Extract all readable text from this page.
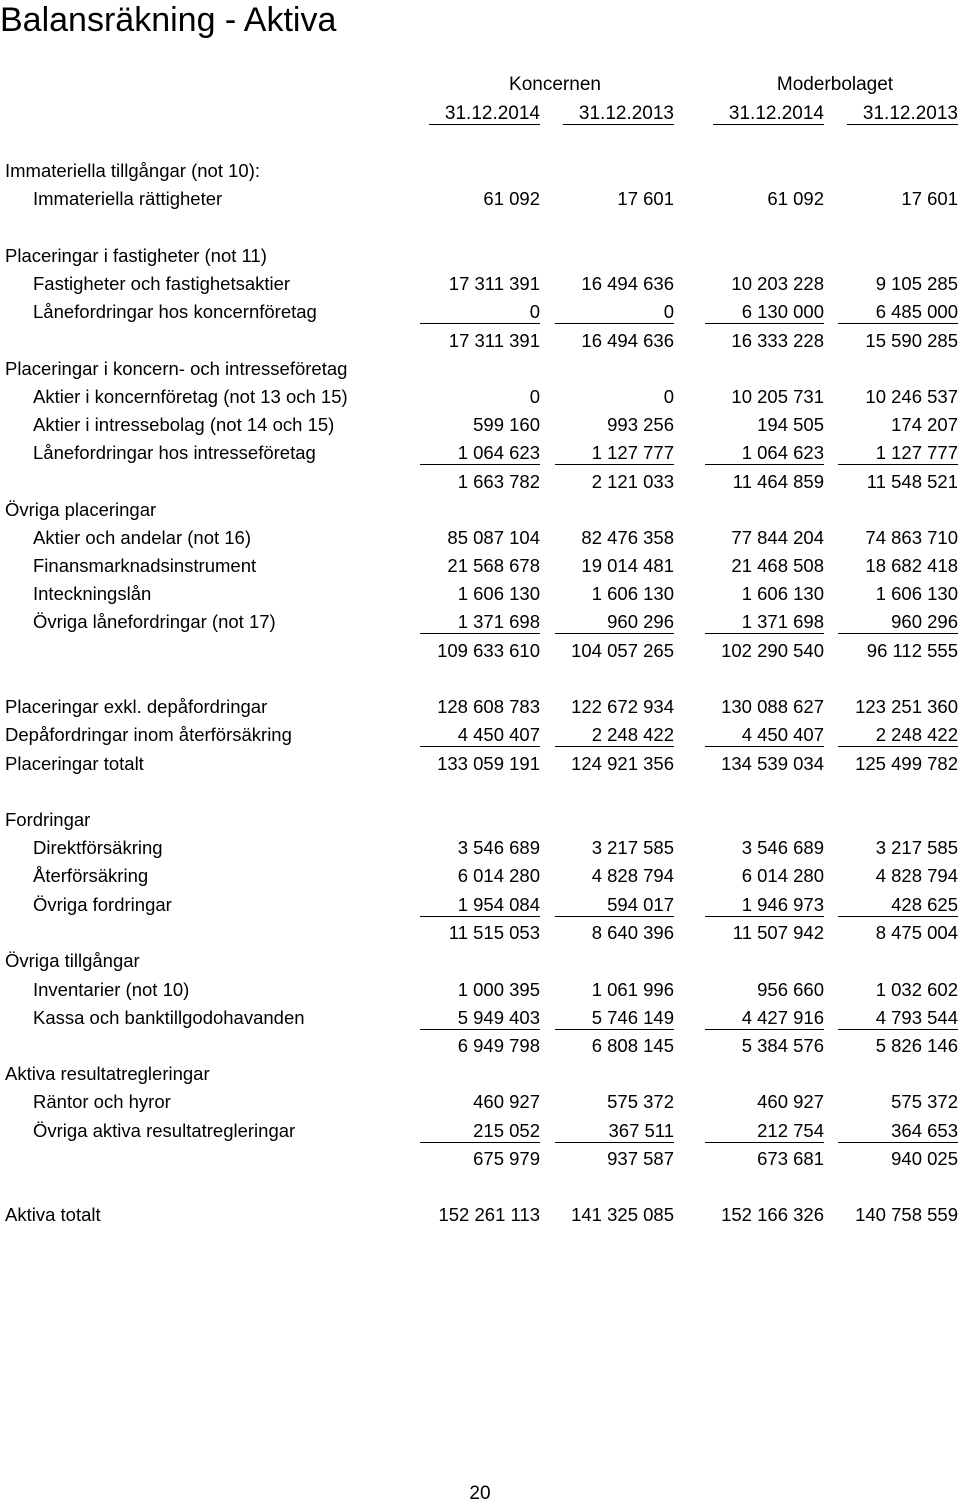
Balansräkning - Aktiva
Koncernen	Moderbolaget
31.12.2014	31.12.2013	31.12.2014	31.12.2013
Immateriella tillgångar (not 10):
Immateriella rättigheter	61 092	17 601	61 092	17 601
Placeringar i fastigheter (not 11)
Fastigheter och fastighetsaktier	17 311 391	16 494 636	10 203 228	9 105 285
Lånefordringar hos koncernföretag	0	0	6 130 000	6 485 000
17 311 391	16 494 636	16 333 228	15 590 285
Placeringar i koncern- och intresseföretag
Aktier i koncernföretag (not 13 och 15)	0	0	10 205 731	10 246 537
Aktier i intressebolag (not 14 och 15)	599 160	993 256	194 505	174 207
Lånefordringar hos intresseföretag	1 064 623	1 127 777	1 064 623	1 127 777
1 663 782	2 121 033	11 464 859	11 548 521
Övriga placeringar
Aktier och andelar (not 16)	85 087 104	82 476 358	77 844 204	74 863 710
Finansmarknadsinstrument	21 568 678	19 014 481	21 468 508	18 682 418
Inteckningslån	1 606 130	1 606 130	1 606 130	1 606 130
Övriga lånefordringar (not 17)	1 371 698	960 296	1 371 698	960 296
109 633 610	104 057 265	102 290 540	96 112 555
Placeringar exkl. depåfordringar	128 608 783	122 672 934	130 088 627	123 251 360
Depåfordringar inom återförsäkring	4 450 407	2 248 422	4 450 407	2 248 422
Placeringar totalt	133 059 191	124 921 356	134 539 034	125 499 782
Fordringar
Direktförsäkring	3 546 689	3 217 585	3 546 689	3 217 585
Återförsäkring	6 014 280	4 828 794	6 014 280	4 828 794
Övriga fordringar	1 954 084	594 017	1 946 973	428 625
11 515 053	8 640 396	11 507 942	8 475 004
Övriga tillgångar
Inventarier (not 10)	1 000 395	1 061 996	956 660	1 032 602
Kassa och banktillgodohavanden	5 949 403	5 746 149	4 427 916	4 793 544
6 949 798	6 808 145	5 384 576	5 826 146
Aktiva resultatregleringar
Räntor och hyror	460 927	575 372	460 927	575 372
Övriga aktiva resultatregleringar	215 052	367 511	212 754	364 653
675 979	937 587	673 681	940 025
Aktiva totalt	152 261 113	141 325 085	152 166 326	140 758 559
20
